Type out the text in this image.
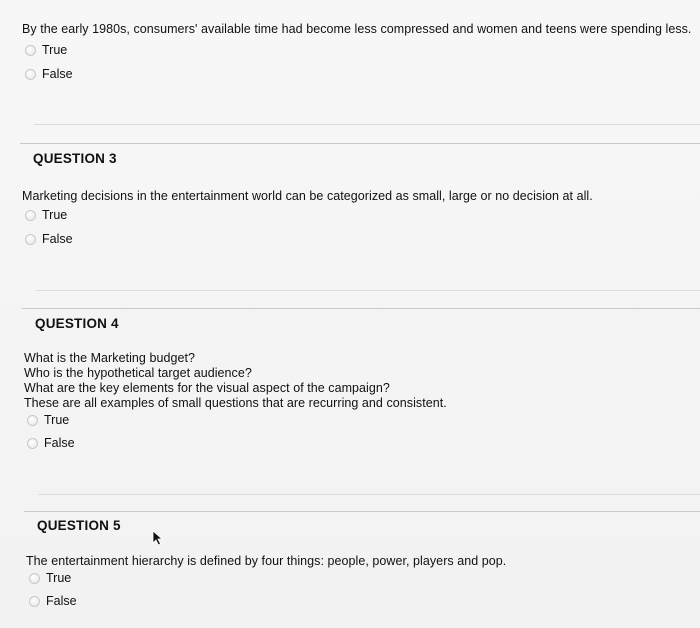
By the early 1980s, consumers' available time had become less compressed and women and teens were spending less.
True
False
QUESTION 3
Marketing decisions in the entertainment world can be categorized as small, large or no decision at all.
True
False
QUESTION 4
What is the Marketing budget?
Who is the hypothetical target audience?
What are the key elements for the visual aspect of the campaign?
These are all examples of small questions that are recurring and consistent.
True
False
QUESTION 5
The entertainment hierarchy is defined by four things: people, power, players and pop.
True
False
